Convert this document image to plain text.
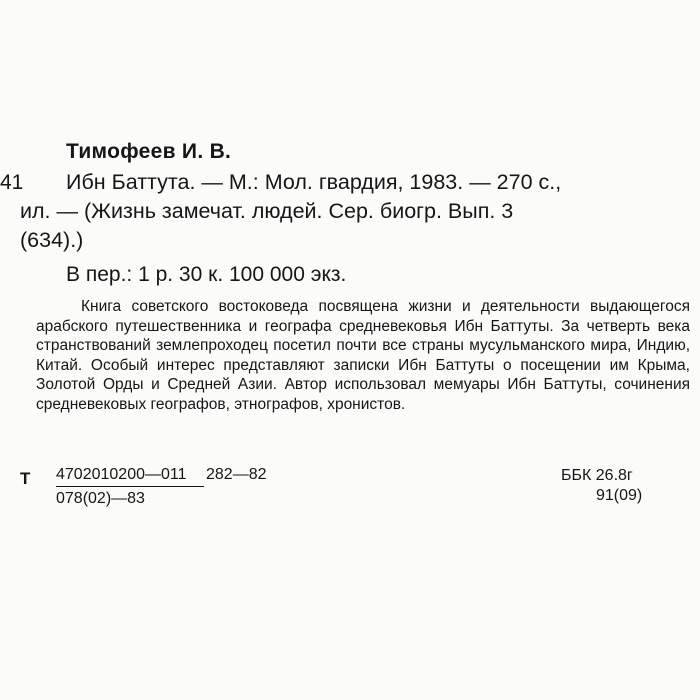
41
Тимофеев И. В.
Ибн Баттута. — М.: Мол. гвардия, 1983. — 270 с.,
ил. — (Жизнь замечат. людей. Сер. биогр. Вып. 3
(634).)
В пер.: 1 р. 30 к. 100 000 экз.

Книга советского востоковеда посвящена жизни и деятельности выдающегося арабского путешественника и географа средневековья Ибн Баттуты. За четверть века странствований землепроходец посетил почти все страны мусульманского мира, Индию, Китай. Особый интерес представляют записки Ибн Баттуты о посещении им Крыма, Золотой Орды и Средней Азии. Автор использовал мемуары Ибн Баттуты, сочинения средневековых географов, этнографов, хронистов.

Т $\frac{4702010200—011}{078(02)—83}$ 282—82	ББК 26.8г
91(09)
